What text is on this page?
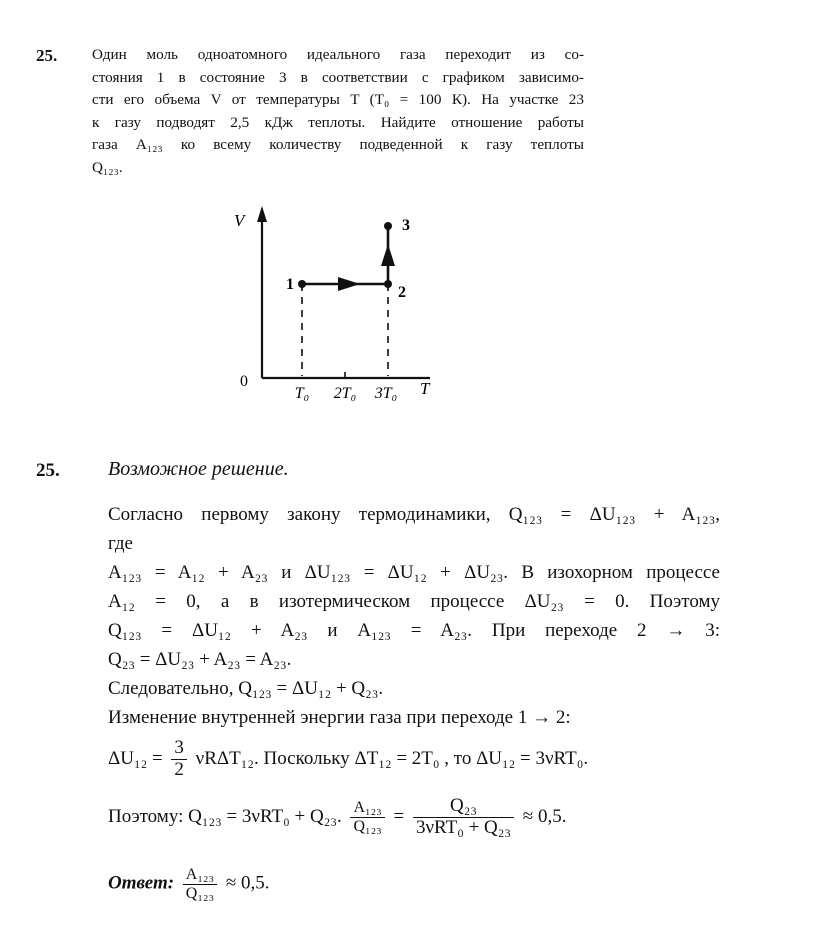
25. Один моль одноатомного идеального газа переходит из со-

стояния 1 в состояние 3 в соответствии с графиком зависимо-

сти его объема V от температуры T (T₀ = 100 К). На участке 23

к газу подводят 2,5 кДж теплоты. Найдите отношение работы

газа A₁₂₃ ко всему количеству подведенной к газу теплоты

Q₁₂₃.

V
T
0
1	2
3
T₀ 2T₀ 3T₀
25. Возможное решение.

Согласно первому закону термодинамики, Q₁₂₃ = ΔU₁₂₃ + A₁₂₃,

где

A₁₂₃ = A₁₂ + A₂₃ и ΔU₁₂₃ = ΔU₁₂ + ΔU₂₃. В изохорном процессе

A₁₂ = 0, а в изотермическом процессе ΔU₂₃ = 0. Поэтому

Q₁₂₃ = ΔU₁₂ + A₂₃ и A₁₂₃ = A₂₃. При переходе 2 → 3:

Q₂₃ = ΔU₂₃ + A₂₃ = A₂₃.

Следовательно, Q₁₂₃ = ΔU₁₂ + Q₂₃.

Изменение внутренней энергии газа при переходе 1 → 2:

$\Delta U_{12} = \frac{3}{2} \nu R\Delta T_{12}$. Поскольку ΔT₁₂ = 2T₀ , то ΔU₁₂ = 3νRT₀.
Поэтому: Q₁₂₃ = 3νRT₀ + Q₂₃. $\frac{\text{A₁₂₃}}{\text{Q₁₂₃}} = \frac{\text{Q₂₃}}{\text{3νRT₀ + Q₂₃}} \approx 0,5$.
Ответ: $\frac{\text{A₁₂₃}}{\text{Q₁₂₃}} \approx 0,5$.
